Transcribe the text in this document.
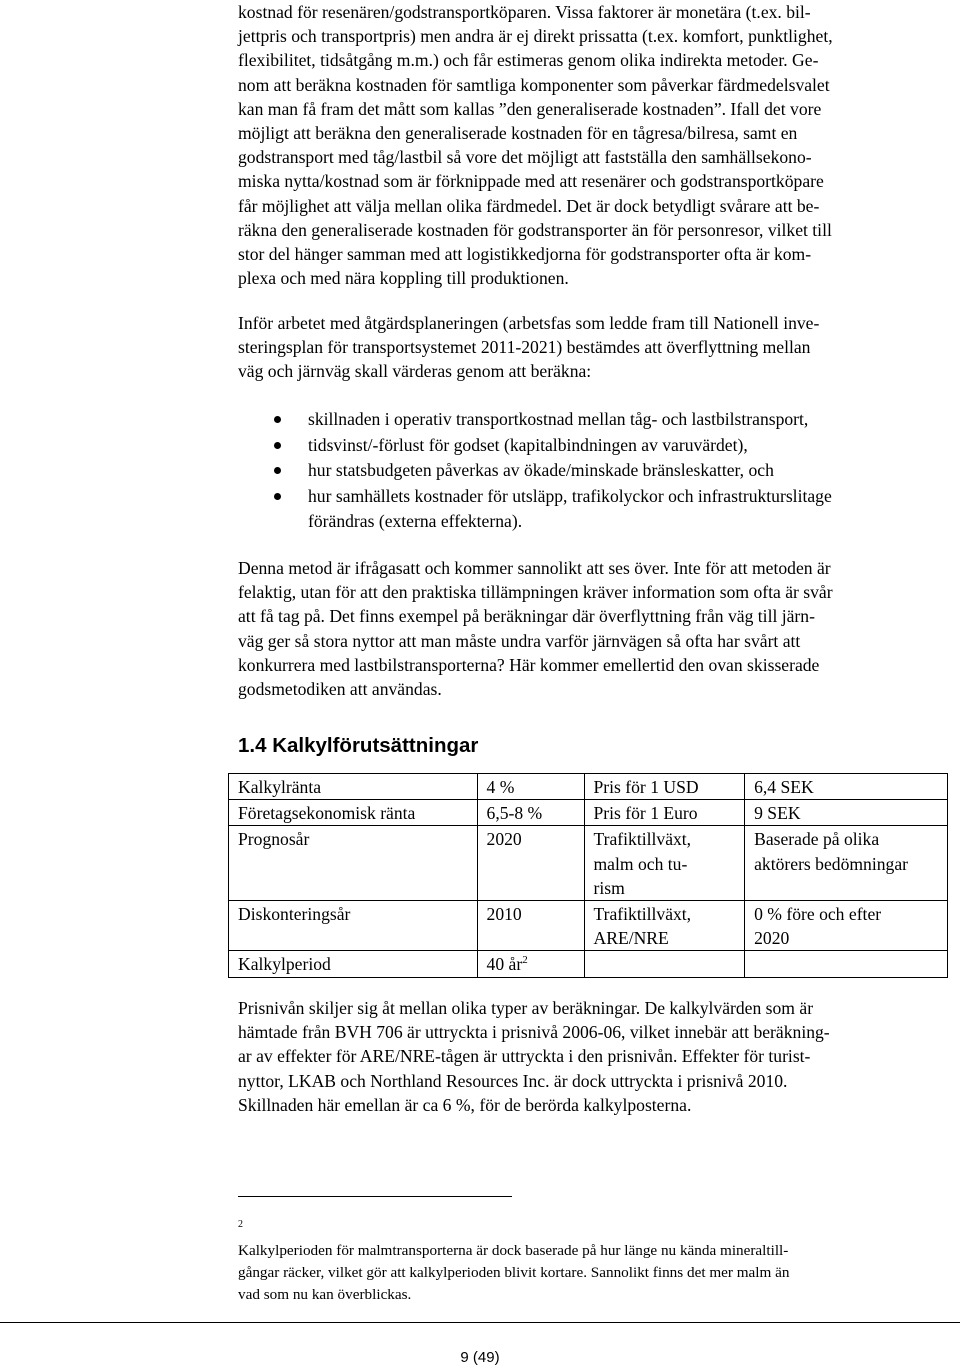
kostnad för resenären/godstransportköparen. Vissa faktorer är monetära (t.ex. bil-
jettpris och transportpris) men andra är ej direkt prissatta (t.ex. komfort, punktlighet,
flexibilitet, tidsåtgång m.m.) och får estimeras genom olika indirekta metoder. Ge-
nom att beräkna kostnaden för samtliga komponenter som påverkar färdmedelsvalet
kan man få fram det mått som kallas ”den generaliserade kostnaden”. Ifall det vore
möjligt att beräkna den generaliserade kostnaden för en tågresa/bilresa, samt en
godstransport med tåg/lastbil så vore det möjligt att fastställa den samhällsekono-
miska nytta/kostnad som är förknippade med att resenärer och godstransportköpare
får möjlighet att välja mellan olika färdmedel. Det är dock betydligt svårare att be-
räkna den generaliserade kostnaden för godstransporter än för personresor, vilket till
stor del hänger samman med att logistikkedjorna för godstransporter ofta är kom-
plexa och med nära koppling till produktionen.
Inför arbetet med åtgärdsplaneringen (arbetsfas som ledde fram till Nationell inve-
steringsplan för transportsystemet 2011-2021) bestämdes att överflyttning mellan
väg och järnväg skall värderas genom att beräkna:
skillnaden i operativ transportkostnad mellan tåg- och lastbilstransport,
tidsvinst/-förlust för godset (kapitalbindningen av varuvärdet),
hur statsbudgeten påverkas av ökade/minskade bränsleskatter, och
hur samhällets kostnader för utsläpp, trafikolyckor och infrastrukturslitage
förändras (externa effekterna).
Denna metod är ifrågasatt och kommer sannolikt att ses över. Inte för att metoden är
felaktig, utan för att den praktiska tillämpningen kräver information som ofta är svår
att få tag på. Det finns exempel på beräkningar där överflyttning från väg till järn-
väg ger så stora nyttor att man måste undra varför järnvägen så ofta har svårt att
konkurrera med lastbilstransporterna? Här kommer emellertid den ovan skisserade
godsmetodiken att användas.
1.4 Kalkylförutsättningar
Kalkylränta	4 %	Pris för 1 USD	6,4 SEK

Företagsekonomisk ränta	6,5-8 %	Pris för 1 Euro	9 SEK

Prognosår	2020	Trafiktillväxt,
malm och tu-
rism	Baserade på olika
aktörers bedömningar

Diskonteringsår	2010	Trafiktillväxt,
ARE/NRE	0 % före och efter
2020

Kalkylperiod	40 år$^2$		
Prisnivån skiljer sig åt mellan olika typer av beräkningar. De kalkylvärden som är
hämtade från BVH 706 är uttryckta i prisnivå 2006-06, vilket innebär att beräkning-
ar av effekter för ARE/NRE-tågen är uttryckta i den prisnivån. Effekter för turist-
nyttor, LKAB och Northland Resources Inc. är dock uttryckta i prisnivå 2010.
Skillnaden här emellan är ca 6 %, för de berörda kalkylposterna.
$^2$
Kalkylperioden för malmtransporterna är dock baserade på hur länge nu kända mineraltill-
gångar räcker, vilket gör att kalkylperioden blivit kortare. Sannolikt finns det mer malm än
vad som nu kan överblickas.
9 (49)
